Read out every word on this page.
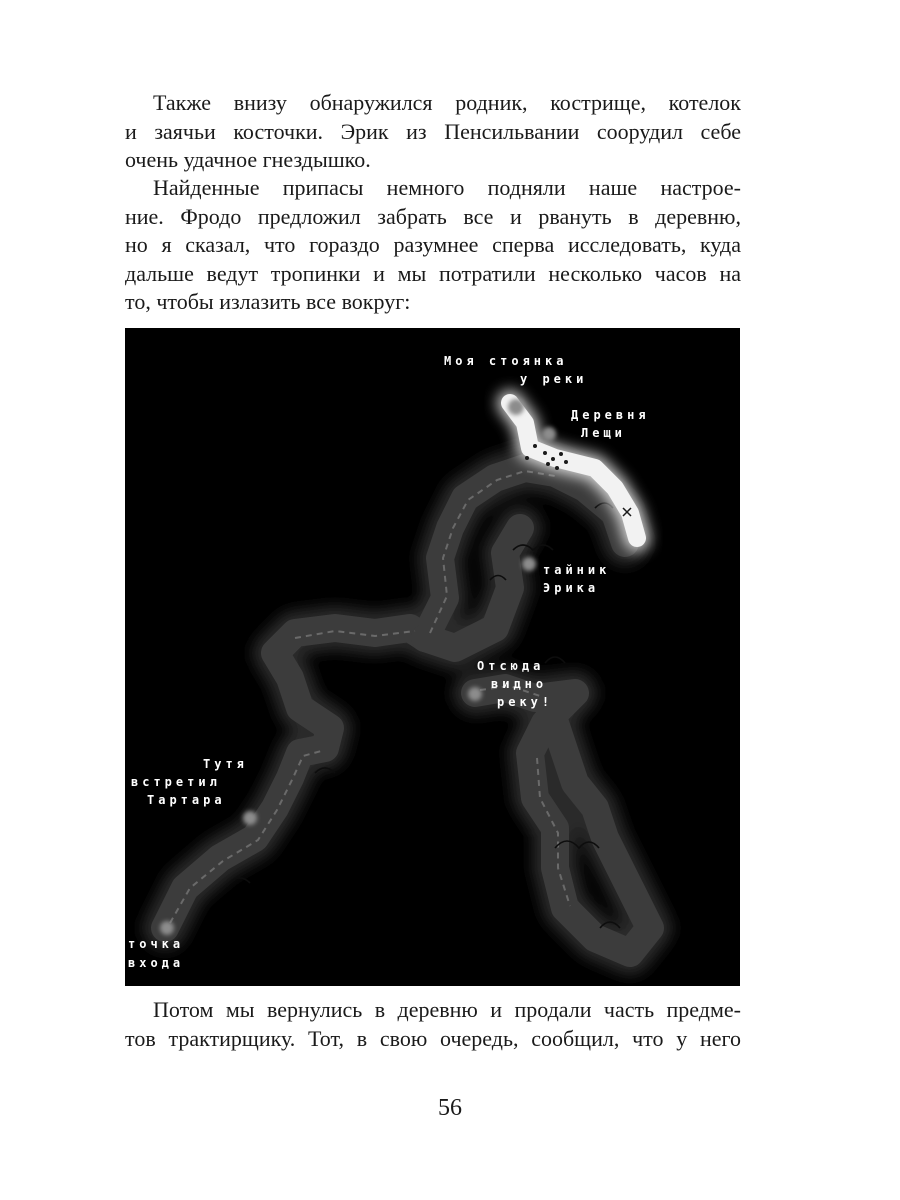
Также внизу обнаружился родник, кострище, котелок
и заячьи косточки. Эрик из Пенсильвании соорудил себе
очень удачное гнездышко.

Найденные припасы немного подняли наше настрое-
ние. Фродо предложил забрать все и рвануть в деревню,
но я сказал, что гораздо разумнее сперва исследовать, куда
дальше ведут тропинки и мы потратили несколько часов на
то, чтобы излазить все вокруг:

Моя стоянка
у реки
Деревня
Лещи
тайник
Эрика
Отсюда
видно
реку!
Тутя
встретил
Тартара
точка
входа

Потом мы вернулись в деревню и продали часть предме-
тов трактирщику. Тот, в свою очередь, сообщил, что у него

56
